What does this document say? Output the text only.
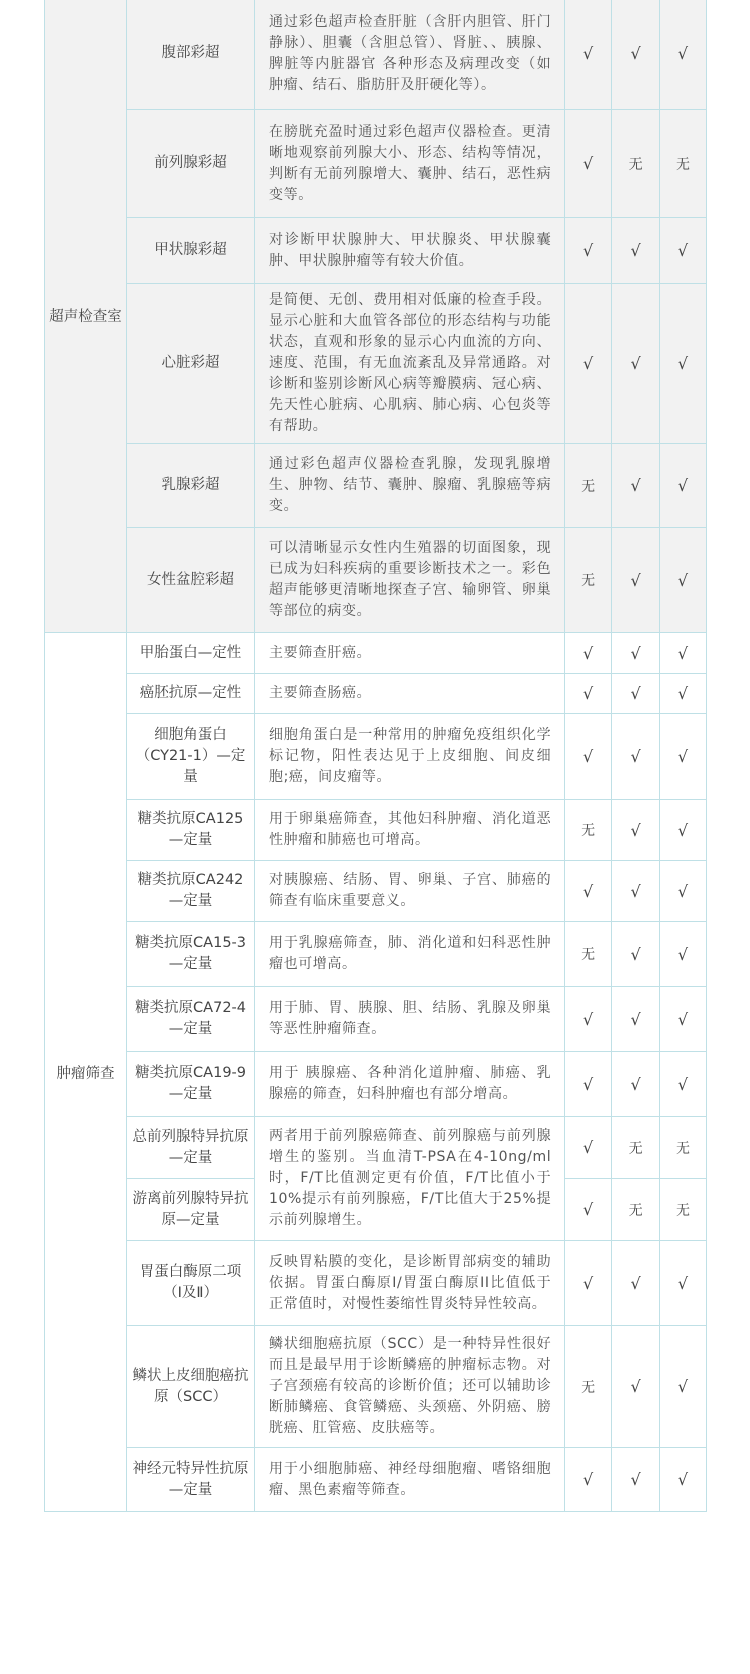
超声检查室	腹部彩超	通过彩色超声检查肝脏（含肝内胆管、肝门静脉）、胆囊（含胆总管）、肾脏、、胰腺、脾脏等内脏器官 各种形态及病理改变（如肿瘤、结石、脂肪肝及肝硬化等）。	√	√	√
	前列腺彩超	在膀胱充盈时通过彩色超声仪器检查。更清晰地观察前列腺大小、形态、结构等情况，判断有无前列腺增大、囊肿、结石，恶性病变等。	√	无	无
	甲状腺彩超	对诊断甲状腺肿大、甲状腺炎、甲状腺囊肿、甲状腺肿瘤等有较大价值。	√	√	√
	心脏彩超	是简便、无创、费用相对低廉的检查手段。显示心脏和大血管各部位的形态结构与功能状态，直观和形象的显示心内血流的方向、速度、范围，有无血流紊乱及异常通路。对诊断和鉴别诊断风心病等瓣膜病、冠心病、先天性心脏病、心肌病、肺心病、心包炎等有帮助。	√	√	√
	乳腺彩超	通过彩色超声仪器检查乳腺，发现乳腺增生、肿物、结节、囊肿、腺瘤、乳腺癌等病变。	无	√	√
	女性盆腔彩超	可以清晰显示女性内生殖器的切面图象，现已成为妇科疾病的重要诊断技术之一。彩色超声能够更清晰地探查子宫、输卵管、卵巢等部位的病变。	无	√	√
肿瘤筛查	甲胎蛋白—定性	主要筛查肝癌。	√	√	√
	癌胚抗原—定性	主要筛查肠癌。	√	√	√
	细胞角蛋白（CY21-1）—定量	细胞角蛋白是一种常用的肿瘤免疫组织化学标记物，阳性表达见于上皮细胞、间皮细胞;癌，间皮瘤等。	√	√	√
	糖类抗原CA125—定量	用于卵巢癌筛查，其他妇科肿瘤、消化道恶性肿瘤和肺癌也可增高。	无	√	√
	糖类抗原CA242—定量	对胰腺癌、结肠、胃、卵巢、子宫、肺癌的筛查有临床重要意义。	√	√	√
	糖类抗原CA15-3—定量	用于乳腺癌筛查，肺、消化道和妇科恶性肿瘤也可增高。	无	√	√
	糖类抗原CA72-4—定量	用于肺、胃、胰腺、胆、结肠、乳腺及卵巢等恶性肿瘤筛查。	√	√	√
	糖类抗原CA19-9—定量	用于 胰腺癌、各种消化道肿瘤、肺癌、乳腺癌的筛查，妇科肿瘤也有部分增高。	√	√	√
	总前列腺特异抗原—定量	两者用于前列腺癌筛查、前列腺癌与前列腺增生的鉴别。当血清T-PSA在4-10ng/ml时，F/T比值测定更有价值，F/T比值小于10%提示有前列腺癌，F/T比值大于25%提示前列腺增生。	√	无	无
	游离前列腺特异抗原—定量		√	无	无
	胃蛋白酶原二项（Ⅰ及Ⅱ）	反映胃粘膜的变化，是诊断胃部病变的辅助依据。胃蛋白酶原I/胃蛋白酶原II比值低于正常值时，对慢性萎缩性胃炎特异性较高。	√	√	√
	鳞状上皮细胞癌抗原（SCC）	鳞状细胞癌抗原（SCC）是一种特异性很好而且是最早用于诊断鳞癌的肿瘤标志物。对子宫颈癌有较高的诊断价值；还可以辅助诊断肺鳞癌、食管鳞癌、头颈癌、外阴癌、膀胱癌、肛管癌、皮肤癌等。	无	√	√
	神经元特异性抗原—定量	用于小细胞肺癌、神经母细胞瘤、嗜铬细胞瘤、黑色素瘤等筛查。	√	√	√
